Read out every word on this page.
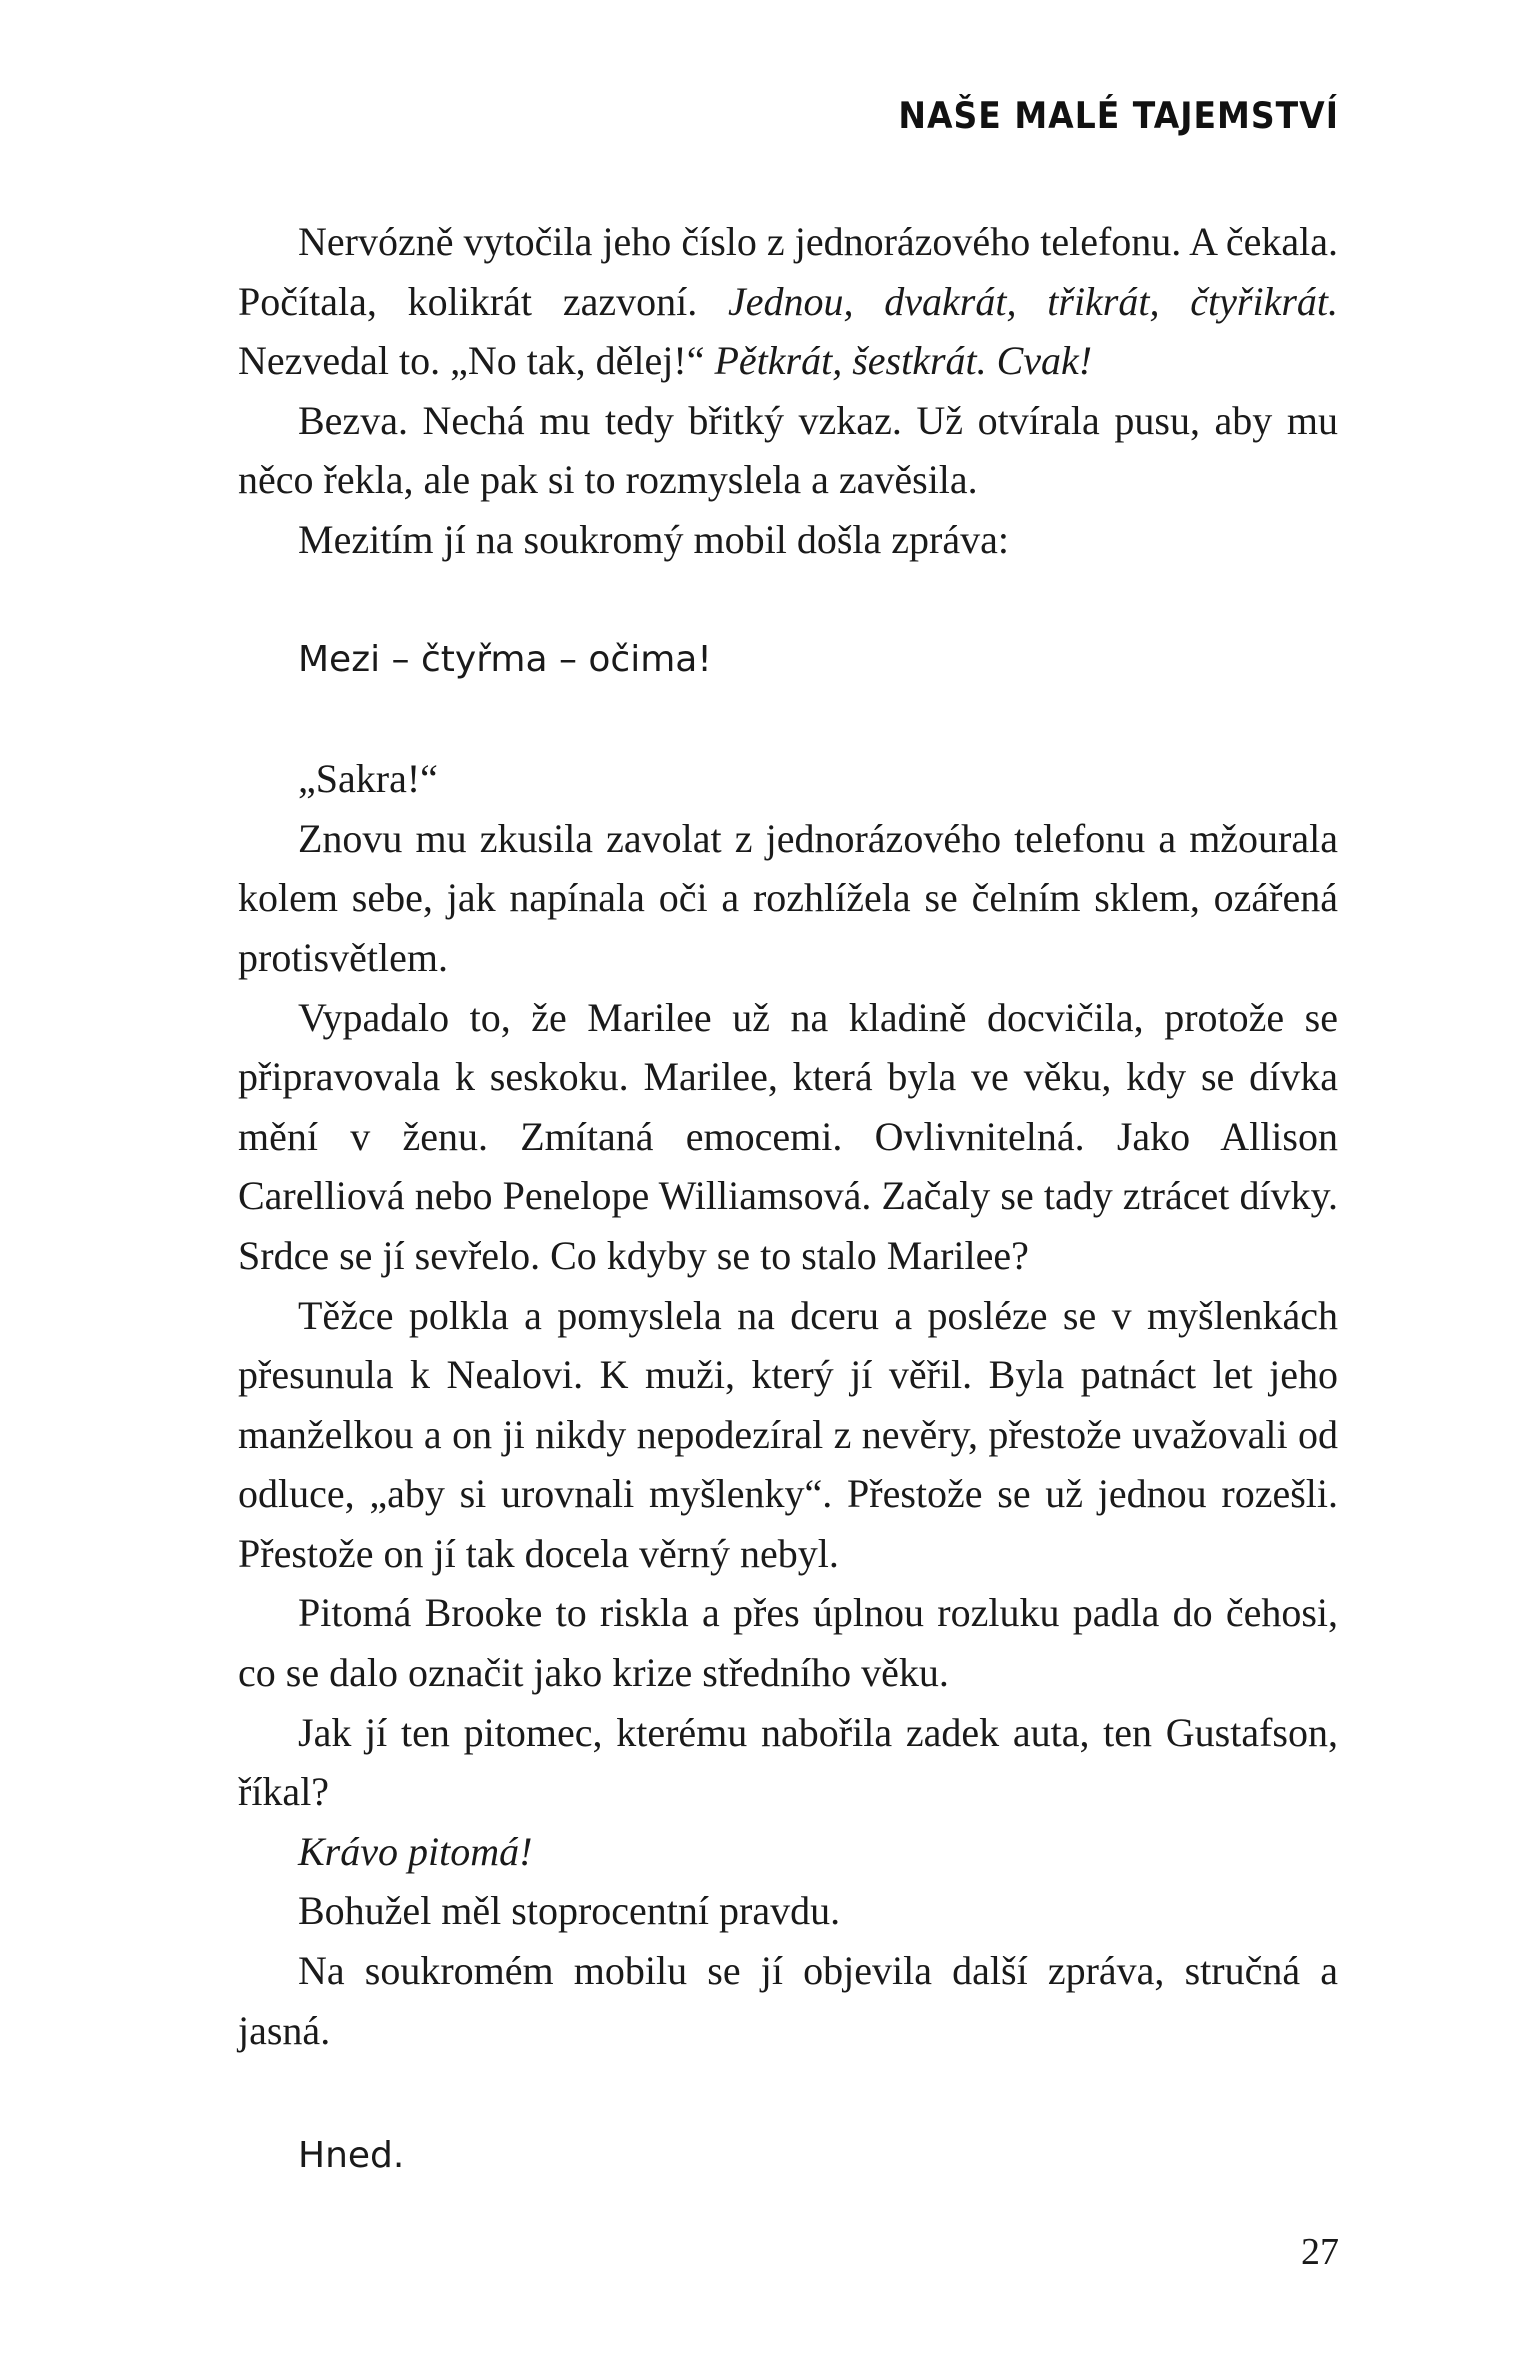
NAŠE MALÉ TAJEMSTVÍ

Nervózně vytočila jeho číslo z jednorázového telefonu. A čekala. Počítala, kolikrát zazvoní. Jednou, dvakrát, třikrát, čtyřikrát. Nezvedal to. „No tak, dělej!“ Pětkrát, šestkrát. Cvak!

Bezva. Nechá mu tedy břitký vzkaz. Už otvírala pusu, aby mu něco řekla, ale pak si to rozmyslela a zavěsila.

Mezitím jí na soukromý mobil došla zpráva:

Mezi – čtyřma – očima!

„Sakra!“

Znovu mu zkusila zavolat z jednorázového telefonu a mžourala kolem sebe, jak napínala oči a rozhlížela se čelním sklem, ozářená protisvětlem.

Vypadalo to, že Marilee už na kladině docvičila, protože se připravovala k seskoku. Marilee, která byla ve věku, kdy se dívka mění v ženu. Zmítaná emocemi. Ovlivnitelná. Jako Allison Carelliová nebo Penelope Williamsová. Začaly se tady ztrácet dívky. Srdce se jí sevřelo. Co kdyby se to stalo Marilee?

Těžce polkla a pomyslela na dceru a posléze se v myšlenkách přesunula k Nealovi. K muži, který jí věřil. Byla patnáct let jeho manželkou a on ji nikdy nepodezíral z nevěry, přestože uvažovali od odluce, „aby si urovnali myšlenky“. Přestože se už jednou rozešli. Přestože on jí tak docela věrný nebyl.

Pitomá Brooke to riskla a přes úplnou rozluku padla do čehosi, co se dalo označit jako krize středního věku.

Jak jí ten pitomec, kterému nabořila zadek auta, ten Gustafson, říkal?

Krávo pitomá!

Bohužel měl stoprocentní pravdu.

Na soukromém mobilu se jí objevila další zpráva, stručná a jasná.

Hned.

27
